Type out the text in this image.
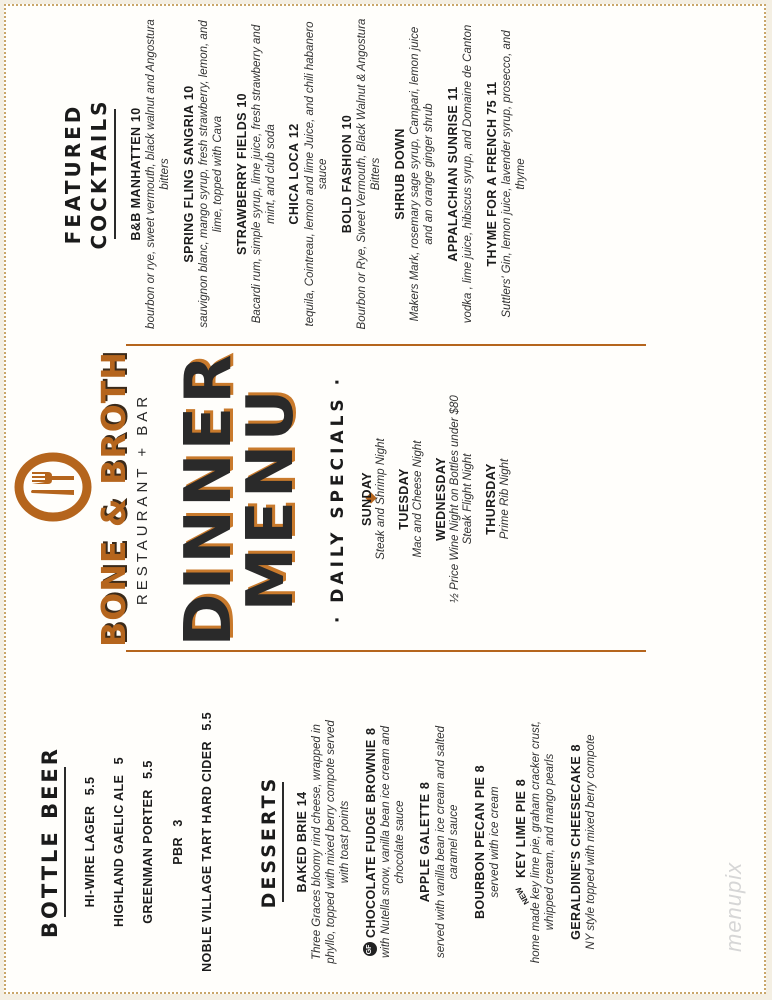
BOTTLE BEER HI-WIRE LAGER 5.5 HIGHLAND GAELIC ALE 5
GREENMAN PORTER 5.5
PBR 3 NOBLE VILLAGE TART HARD CIDER 5.5
DESSERTS BAKED BRIE 14 Three Graces bloomy rind cheese, wrapped in phyllo, topped with mixed berry compote served with toast points
GF CHOCOLATE FUDGE BROWNIE 8 with Nutella snow, vanilla bean ice cream and chocolate sauce APPLE GALETTE 8 served with vanilla bean ice cream and salted caramel sauce BOURBON PECAN PIE 8
served with ice cream	NEW KEY LIME PIE 8 home made key lime pie, graham cracker crust, whipped cream, and mango pearls GERALDINE'S CHEESECAKE 8 NY style topped with mixed berry compote	menupix
BONE & BROTH RESTAURANT + BAR DINNER
MENU
· DAILY SPECIALS ·
SUNDAY Steak and Shrimp Night TUESDAY Mac and Cheese Night WEDNESDAY ½ Price Wine Night on Bottles under $80 Steak Flight Night THURSDAY Prime Rib Night
FEATURED COCKTAILS B&B MANHATTEN 10 bourbon or rye, sweet vermouth, black walnut and Angostura bitters SPRING FLING SANGRIA 10 sauvignon blanc, mango syrup, fresh strawberry, lemon, and lime, topped with Cava STRAWBERRY FIELDS 10 Bacardi rum, simple syrup, lime juice, fresh strawberry and mint, and club soda CHICA LOCA 12 tequila, Cointreau, lemon and lime Juice, and chili habanero sauce BOLD FASHION 10 Bourbon or Rye, Sweet Vermouth, Black Walnut & Angostura Bitters SHRUB DOWN Makers Mark, rosemary sage syrup, Campari, lemon juice and an orange ginger shrub APPALACHIAN SUNRISE 11 vodka , lime juice, hibiscus syrup, and Domaine de Canton THYME FOR A FRENCH 75 11 Suttlers' Gin, lemon juice, lavender syrup, prosecco, and thyme
